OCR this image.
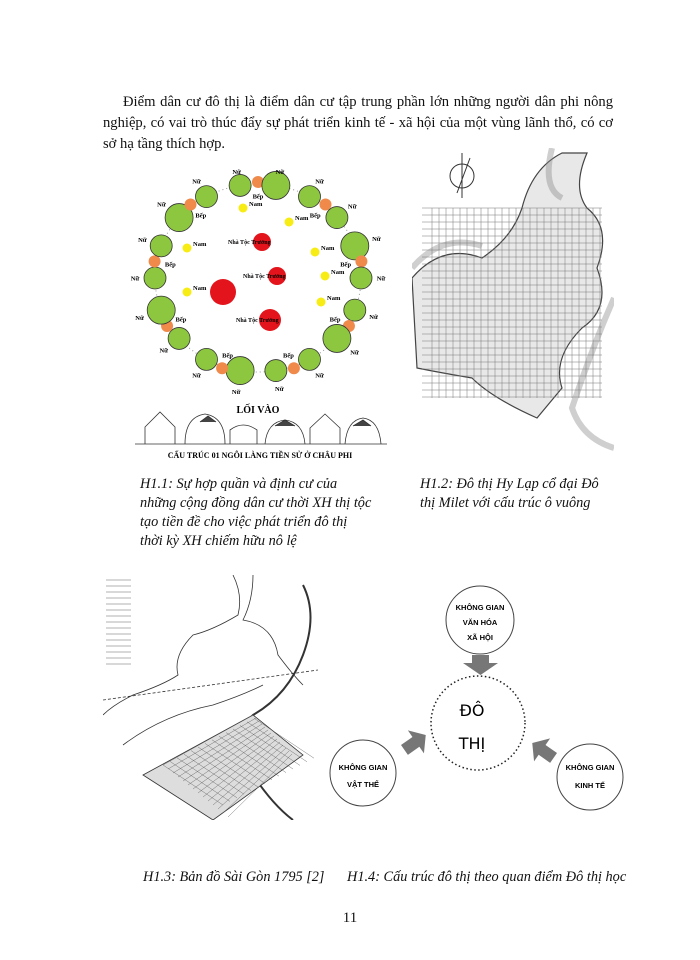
Điểm dân cư đô thị là điểm dân cư tập trung phần lớn những người dân phi nông nghiệp, có vai trò thúc đẩy sự phát triển kinh tế - xã hội của một vùng lãnh thổ, có cơ sở hạ tầng thích hợp.

Nữ
Bếp
Nữ
Nữ
Bếp
Nữ
Nữ
Bếp
Nữ
Nữ
Bếp
Nữ
Nữ
Bếp
Nữ
Nữ
Bếp
Nữ
Nữ
Bếp
Nữ
Nữ
Bếp
Nữ
Nữ
Bếp
Nữ
Nam
Nam
Nam
Nam
Nam
Nam
Nam
Nhà Tộc Trưởng
Nhà Tộc Trưởng
Nhà Tộc Trưởng
LỐI VÀO
CẤU TRÚC 01 NGÔI LÀNG TIỀN SỬ Ở CHÂU PHI

H1.1: Sự hợp quần và định cư của những cộng đồng dân cư thời XH thị tộc tạo tiền đề cho việc phát triển đô thị thời kỳ XH chiếm hữu nô lệ

H1.2: Đô thị Hy Lạp cổ đại Đô thị Milet với cấu trúc ô vuông

KHÔNG GIAN
VĂN HÓA
XÃ HỘI
ĐÔ
THỊ
KHÔNG GIAN
VẬT THỂ
KHÔNG GIAN
KINH TẾ

H1.3: Bản đồ Sài Gòn 1795 [2] H1.4: Cấu trúc đô thị theo quan điểm Đô thị học

11
